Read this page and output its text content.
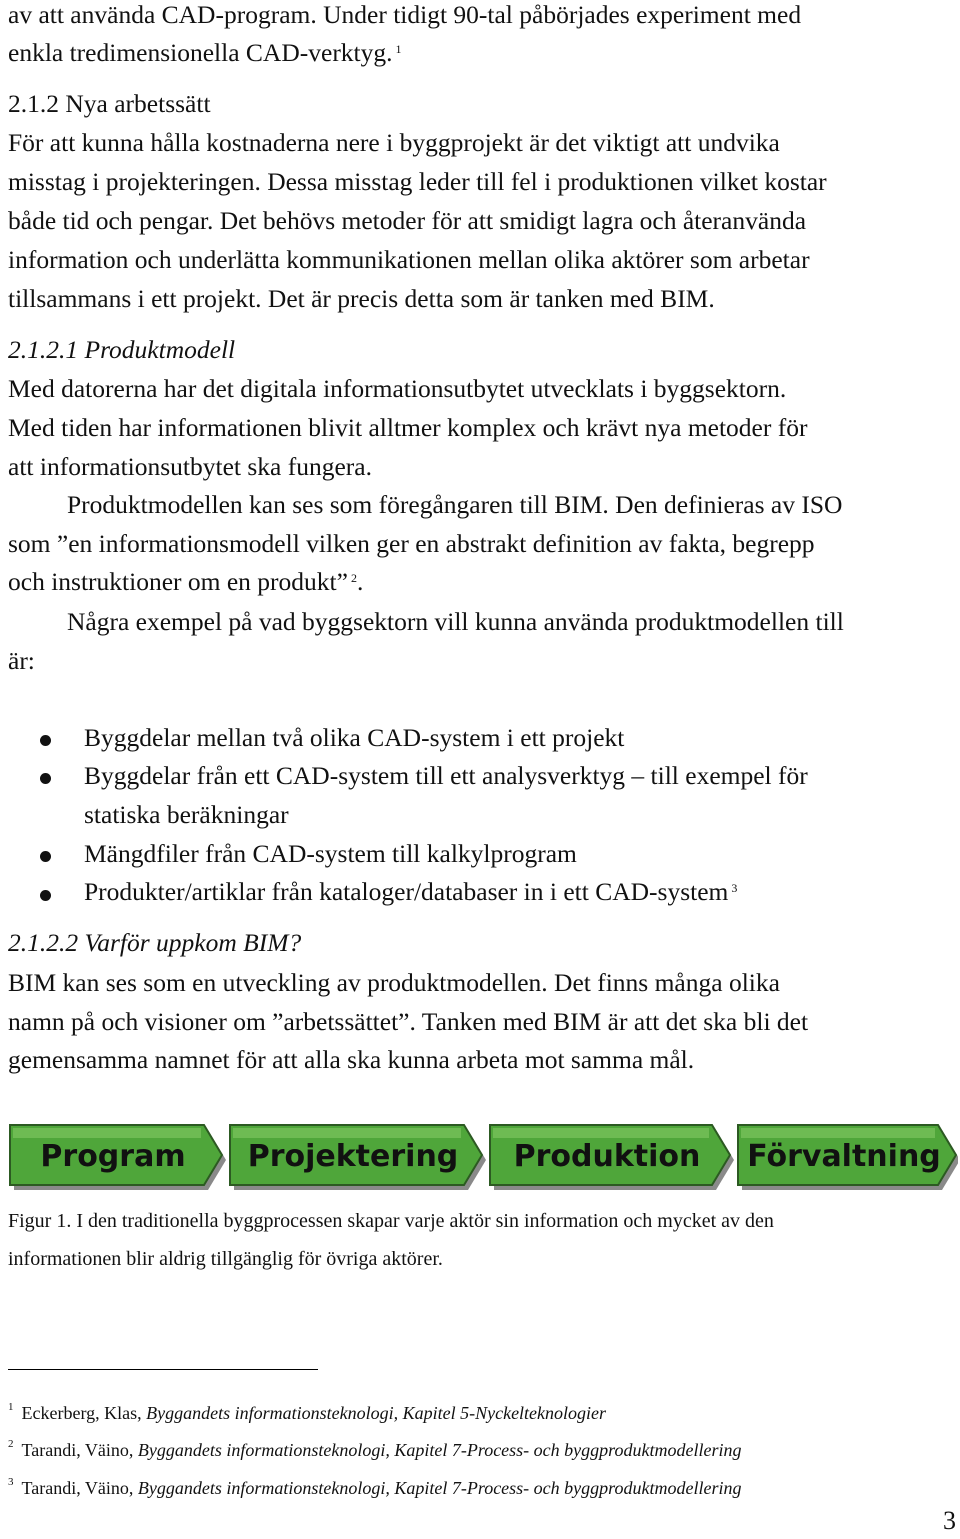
av att använda CAD-program. Under tidigt 90-tal påbörjades experiment med
enkla tredimensionella CAD-verktyg. $^1$
2.1.2 Nya arbetssätt
För att kunna hålla kostnaderna nere i byggprojekt är det viktigt att undvika
misstag i projekteringen. Dessa misstag leder till fel i produktionen vilket kostar
både tid och pengar. Det behövs metoder för att smidigt lagra och återanvända
information och underlätta kommunikationen mellan olika aktörer som arbetar
tillsammans i ett projekt. Det är precis detta som är tanken med BIM.
2.1.2.1 Produktmodell
Med datorerna har det digitala informationsutbytet utvecklats i byggsektorn.
Med tiden har informationen blivit alltmer komplex och krävt nya metoder för
att informationsutbytet ska fungera.
Produktmodellen kan ses som föregångaren till BIM. Den definieras av ISO
som ”en informationsmodell vilken ger en abstrakt definition av fakta, begrepp
och instruktioner om en produkt” $^2$.
Några exempel på vad byggsektorn vill kunna använda produktmodellen till
är:
Byggdelar mellan två olika CAD-system i ett projekt
Byggdelar från ett CAD-system till ett analysverktyg – till exempel för
statiska beräkningar
Mängdfiler från CAD-system till kalkylprogram
Produkter/artiklar från kataloger/databaser in i ett CAD-system $^3$
2.1.2.2 Varför uppkom BIM?
BIM kan ses som en utveckling av produktmodellen. Det finns många olika
namn på och visioner om ”arbetssättet”. Tanken med BIM är att det ska bli det
gemensamma namnet för att alla ska kunna arbeta mot samma mål.
Program Projektering Produktion Förvaltning
Figur 1. I den traditionella byggprocessen skapar varje aktör sin information och mycket av den
informationen blir aldrig tillgänglig för övriga aktörer.
$^1$ Eckerberg, Klas, Byggandets informationsteknologi, Kapitel 5-Nyckelteknologier
$^2$ Tarandi, Väino, Byggandets informationsteknologi, Kapitel 7-Process- och byggproduktmodellering
$^3$ Tarandi, Väino, Byggandets informationsteknologi, Kapitel 7-Process- och byggproduktmodellering
3
